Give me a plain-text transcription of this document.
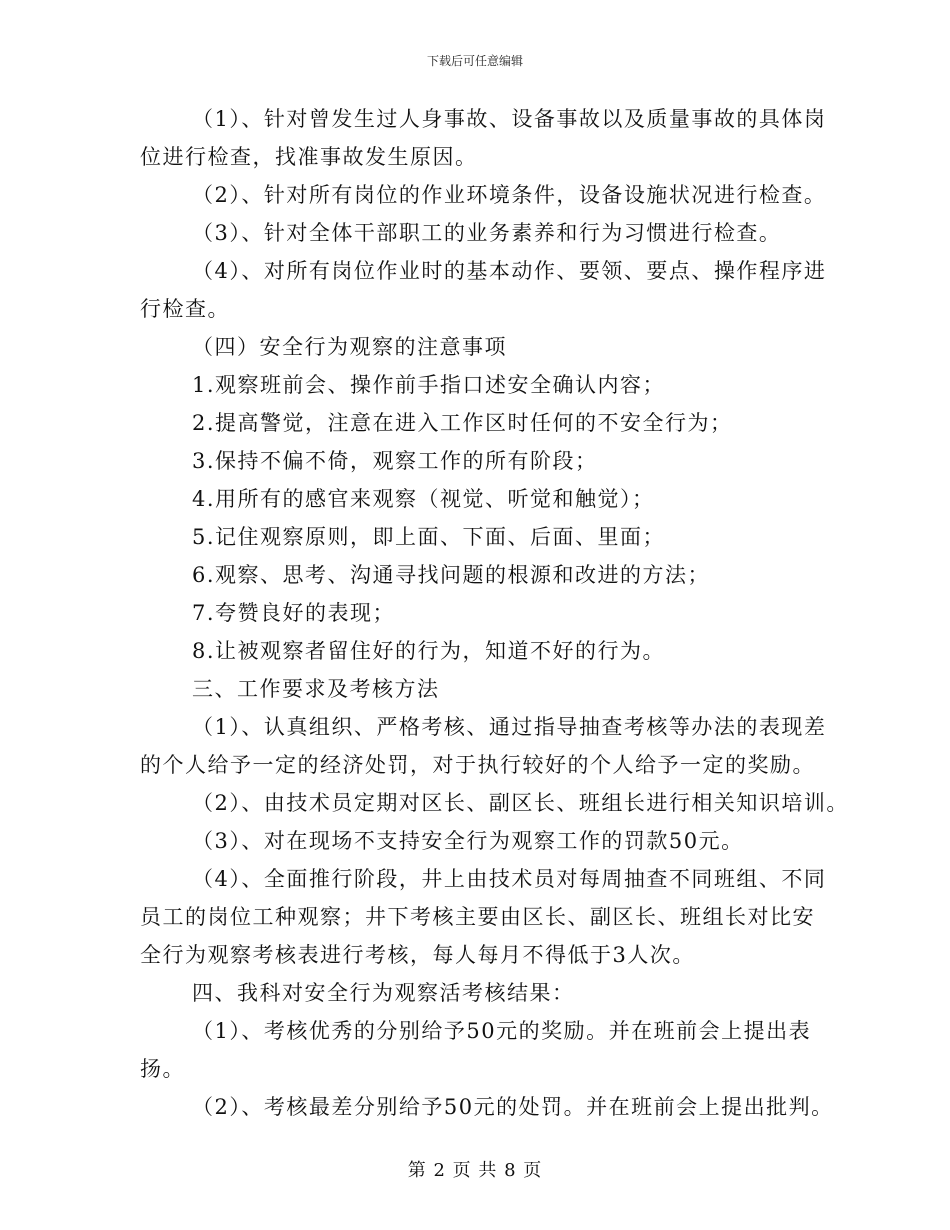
下载后可任意编辑
（1）、针对曾发生过人身事故、设备事故以及质量事故的具体岗
位进行检查，找准事故发生原因。
（2）、针对所有岗位的作业环境条件，设备设施状况进行检查。
（3）、针对全体干部职工的业务素养和行为习惯进行检查。
（4）、对所有岗位作业时的基本动作、要领、要点、操作程序进
行检查。
（四）安全行为观察的注意事项
1.观察班前会、操作前手指口述安全确认内容；
2.提高警觉，注意在进入工作区时任何的不安全行为；
3.保持不偏不倚，观察工作的所有阶段；
4.用所有的感官来观察（视觉、听觉和触觉）；
5.记住观察原则，即上面、下面、后面、里面；
6.观察、思考、沟通寻找问题的根源和改进的方法；
7.夸赞良好的表现；
8.让被观察者留住好的行为，知道不好的行为。
三、工作要求及考核方法
（1）、认真组织、严格考核、通过指导抽查考核等办法的表现差
的个人给予一定的经济处罚，对于执行较好的个人给予一定的奖励。
（2）、由技术员定期对区长、副区长、班组长进行相关知识培训。
（3）、对在现场不支持安全行为观察工作的罚款50元。
（4）、全面推行阶段，井上由技术员对每周抽查不同班组、不同
员工的岗位工种观察；井下考核主要由区长、副区长、班组长对比安
全行为观察考核表进行考核，每人每月不得低于3人次。
四、我科对安全行为观察活考核结果：
（1）、考核优秀的分别给予50元的奖励。并在班前会上提出表
扬。
（2）、考核最差分别给予50元的处罚。并在班前会上提出批判。
第 2 页 共 8 页
